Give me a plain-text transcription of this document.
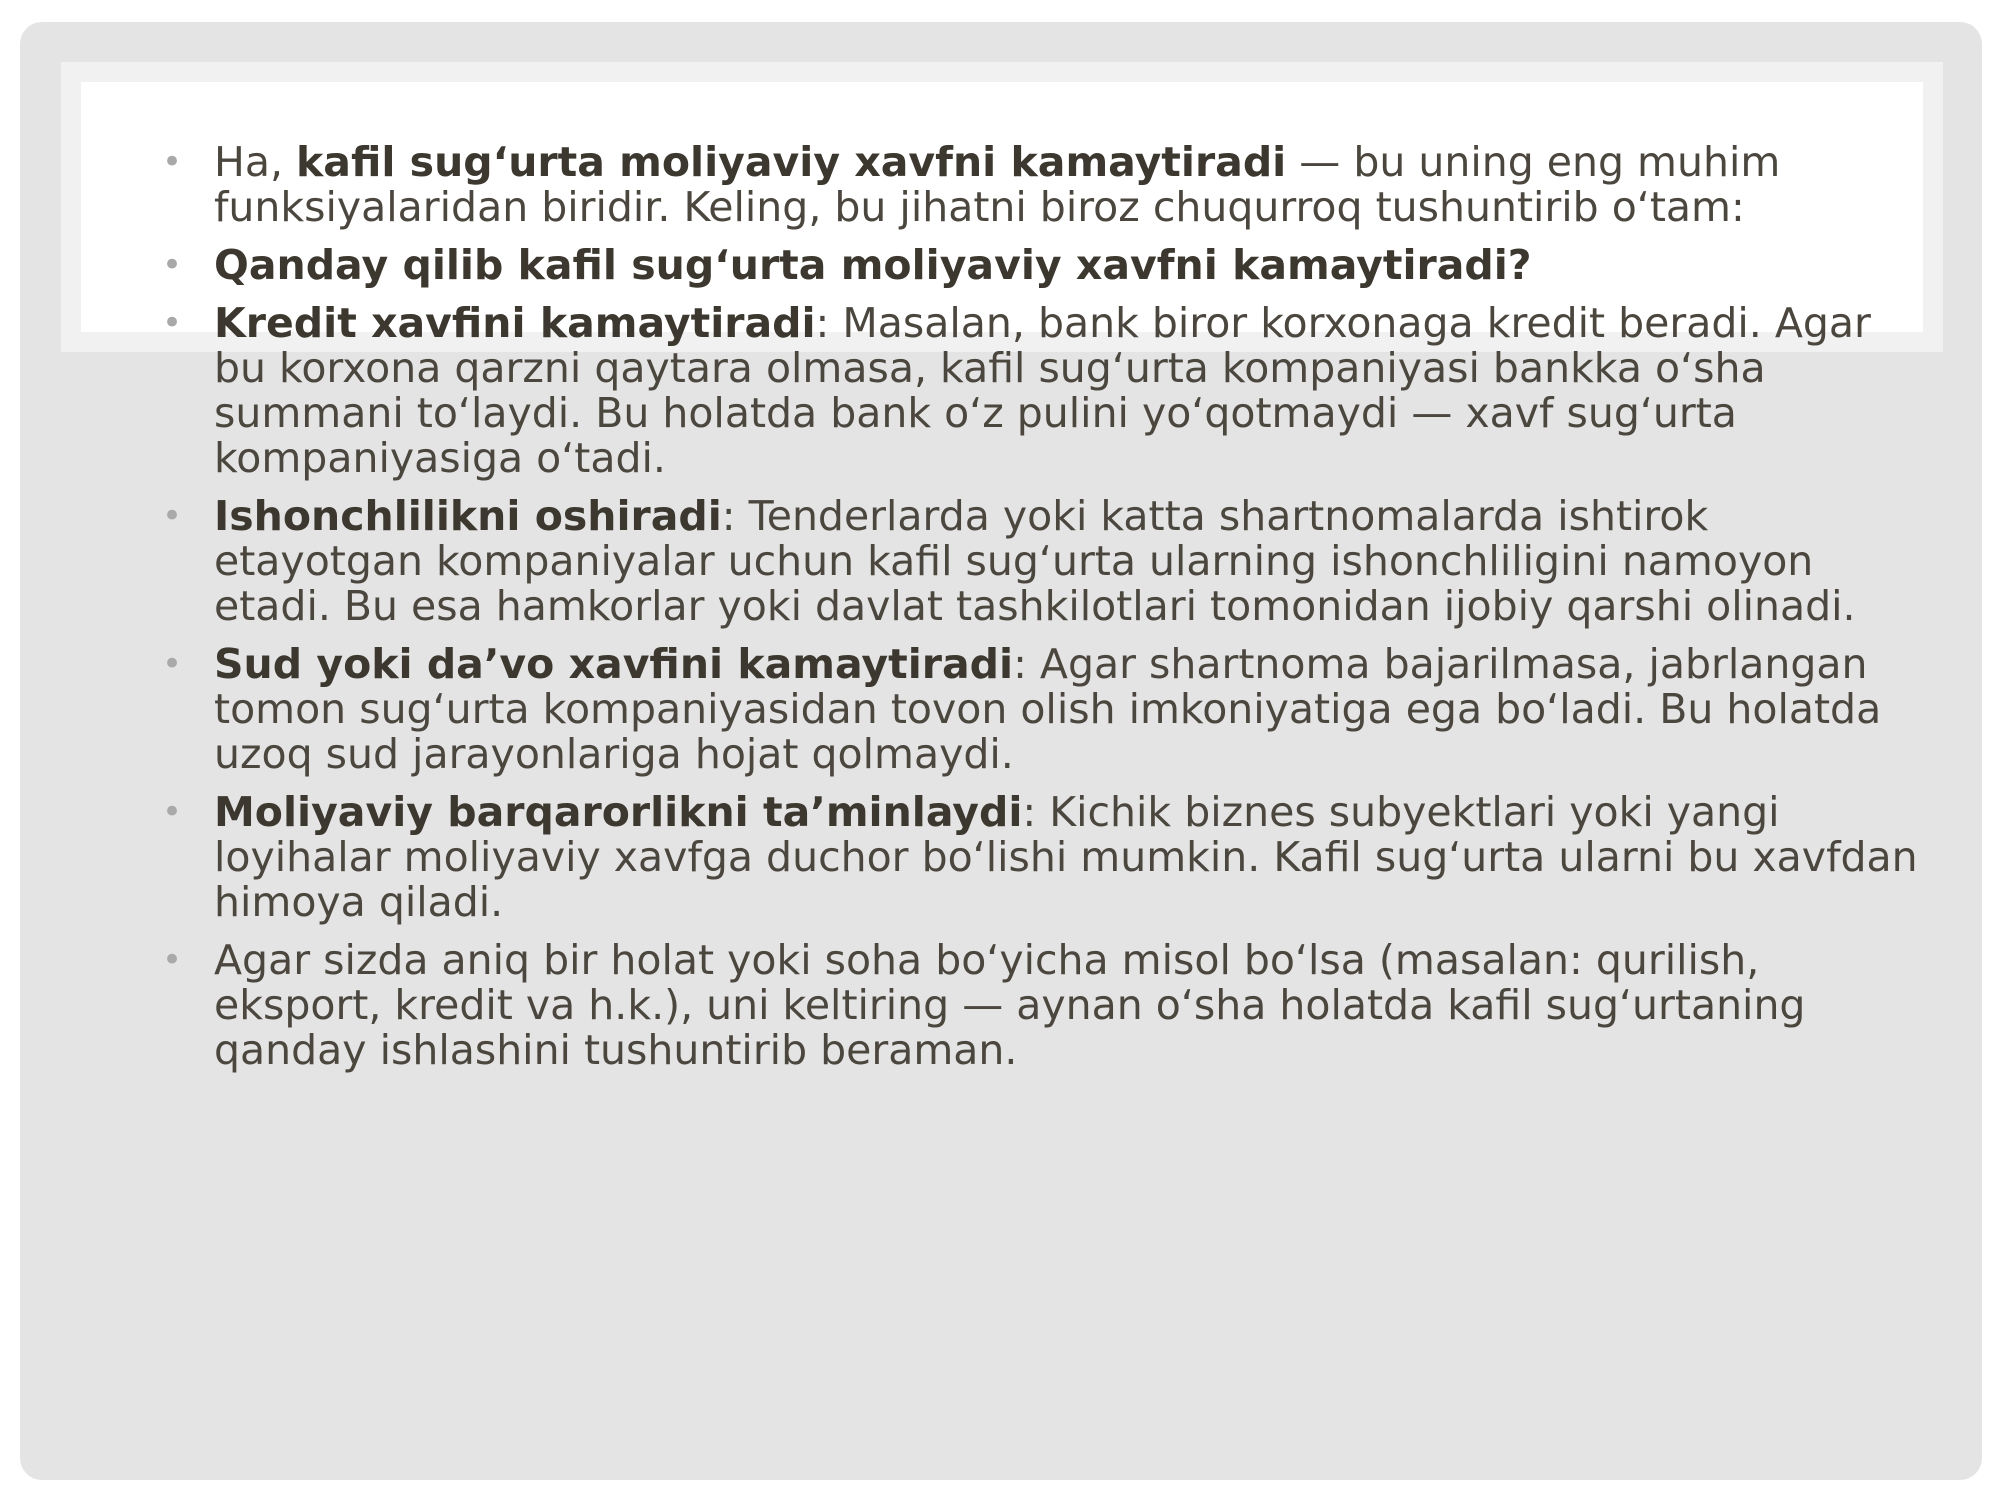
• Ha, kafil sug‘urta moliyaviy xavfni kamaytiradi — bu uning eng muhim funksiyalaridan biridir. Keling, bu jihatni biroz chuqurroq tushuntirib o‘tam:
• Qanday qilib kafil sug‘urta moliyaviy xavfni kamaytiradi?
• Kredit xavfini kamaytiradi: Masalan, bank biror korxonaga kredit beradi. Agar bu korxona qarzni qaytara olmasa, kafil sug‘urta kompaniyasi bankka o‘sha summani to‘laydi. Bu holatda bank o‘z pulini yo‘qotmaydi — xavf sug‘urta kompaniyasiga o‘tadi.
• Ishonchlilikni oshiradi: Tenderlarda yoki katta shartnomalarda ishtirok etayotgan kompaniyalar uchun kafil sug‘urta ularning ishonchliligini namoyon etadi. Bu esa hamkorlar yoki davlat tashkilotlari tomonidan ijobiy qarshi olinadi.
• Sud yoki da’vo xavfini kamaytiradi: Agar shartnoma bajarilmasa, jabrlangan tomon sug‘urta kompaniyasidan tovon olish imkoniyatiga ega bo‘ladi. Bu holatda uzoq sud jarayonlariga hojat qolmaydi.
• Moliyaviy barqarorlikni ta’minlaydi: Kichik biznes subyektlari yoki yangi loyihalar moliyaviy xavfga duchor bo‘lishi mumkin. Kafil sug‘urta ularni bu xavfdan himoya qiladi.
• Agar sizda aniq bir holat yoki soha bo‘yicha misol bo‘lsa (masalan: qurilish, eksport, kredit va h.k.), uni keltiring — aynan o‘sha holatda kafil sug‘urtaning qanday ishlashini tushuntirib beraman.
